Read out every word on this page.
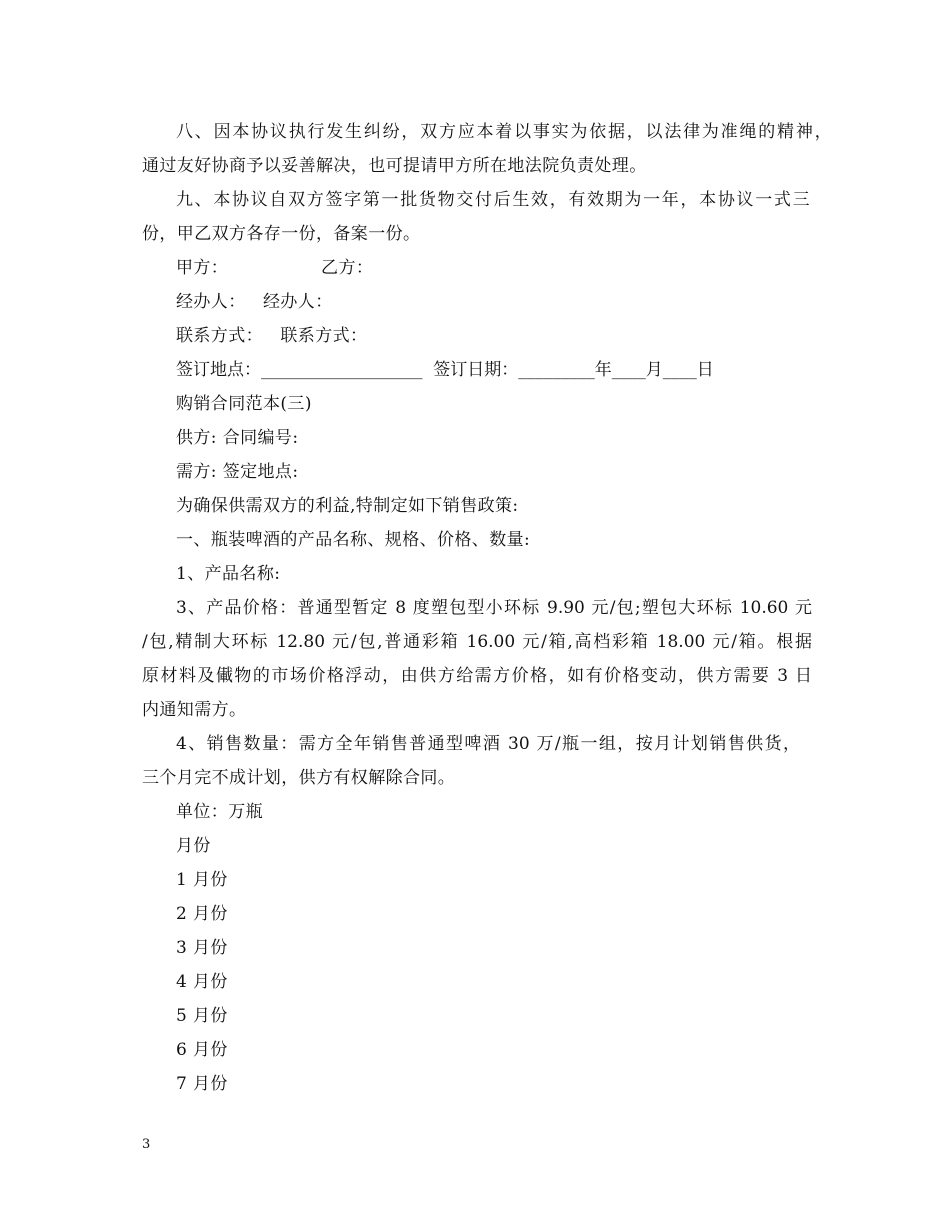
八、因本协议执行发生纠纷，双方应本着以事实为依据，以法律为准绳的精神，
通过友好协商予以妥善解决，也可提请甲方所在地法院负责处理。
九、本协议自双方签字第一批货物交付后生效，有效期为一年，本协议一式三
份，甲乙双方各存一份，备案一份。
甲方：                乙方：
经办人：   经办人：
联系方式：   联系方式：
签订地点：___________________  签订日期：_________年____月____日
购销合同范本(三)
供方: 合同编号:
需方: 签定地点:
为确保供需双方的利益,特制定如下销售政策:
一、瓶装啤酒的产品名称、规格、价格、数量:
1、产品名称:
3、产品价格：普通型暂定 8 度塑包型小环标 9.90 元/包;塑包大环标 10.60 元
/包,精制大环标 12.80 元/包,普通彩箱 16.00 元/箱,高档彩箱 18.00 元/箱。根据
原材料及儎物的市场价格浮动，由供方给需方价格，如有价格变动，供方需要 3 日
内通知需方。
4、销售数量：需方全年销售普通型啤酒 30 万/瓶一组，按月计划销售供货，
三个月完不成计划，供方有权解除合同。
单位：万瓶
月份
1 月份
2 月份
3 月份
4 月份
5 月份
6 月份
7 月份
3
